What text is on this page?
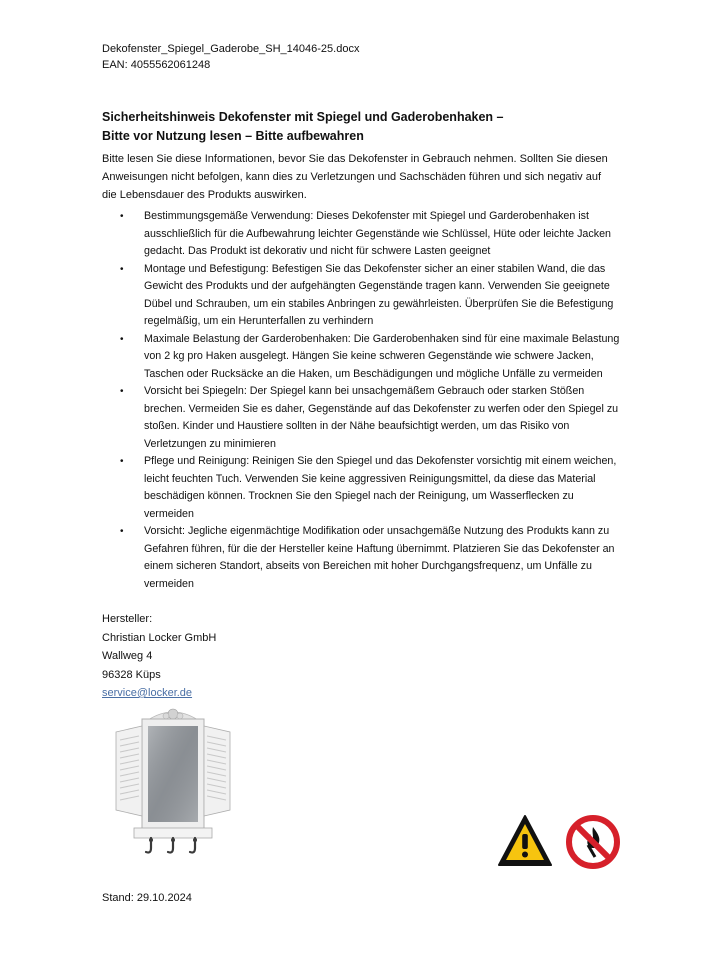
Dekofenster_Spiegel_Gaderobe_SH_14046-25.docx
EAN: 4055562061248
Sicherheitshinweis Dekofenster mit Spiegel und Gaderobenhaken –
Bitte vor Nutzung lesen – Bitte aufbewahren
Bitte lesen Sie diese Informationen, bevor Sie das Dekofenster in Gebrauch nehmen. Sollten Sie diesen Anweisungen nicht befolgen, kann dies zu Verletzungen und Sachschäden führen und sich negativ auf die Lebensdauer des Produkts auswirken.
• Bestimmungsgemäße Verwendung: Dieses Dekofenster mit Spiegel und Garderobenhaken ist ausschließlich für die Aufbewahrung leichter Gegenstände wie Schlüssel, Hüte oder leichte Jacken gedacht. Das Produkt ist dekorativ und nicht für schwere Lasten geeignet
• Montage und Befestigung: Befestigen Sie das Dekofenster sicher an einer stabilen Wand, die das Gewicht des Produkts und der aufgehängten Gegenstände tragen kann. Verwenden Sie geeignete Dübel und Schrauben, um ein stabiles Anbringen zu gewährleisten. Überprüfen Sie die Befestigung regelmäßig, um ein Herunterfallen zu verhindern
• Maximale Belastung der Garderobenhaken: Die Garderobenhaken sind für eine maximale Belastung von 2 kg pro Haken ausgelegt. Hängen Sie keine schweren Gegenstände wie schwere Jacken, Taschen oder Rucksäcke an die Haken, um Beschädigungen und mögliche Unfälle zu vermeiden
• Vorsicht bei Spiegeln: Der Spiegel kann bei unsachgemäßem Gebrauch oder starken Stößen brechen. Vermeiden Sie es daher, Gegenstände auf das Dekofenster zu werfen oder den Spiegel zu stoßen. Kinder und Haustiere sollten in der Nähe beaufsichtigt werden, um das Risiko von Verletzungen zu minimieren
• Pflege und Reinigung: Reinigen Sie den Spiegel und das Dekofenster vorsichtig mit einem weichen, leicht feuchten Tuch. Verwenden Sie keine aggressiven Reinigungsmittel, da diese das Material beschädigen können. Trocknen Sie den Spiegel nach der Reinigung, um Wasserflecken zu vermeiden
• Vorsicht: Jegliche eigenmächtige Modifikation oder unsachgemäße Nutzung des Produkts kann zu Gefahren führen, für die der Hersteller keine Haftung übernimmt. Platzieren Sie das Dekofenster an einem sicheren Standort, abseits von Bereichen mit hoher Durchgangsfrequenz, um Unfälle zu vermeiden
Hersteller:
Christian Locker GmbH
Wallweg 4
96328 Küps
service@locker.de
Stand: 29.10.2024
